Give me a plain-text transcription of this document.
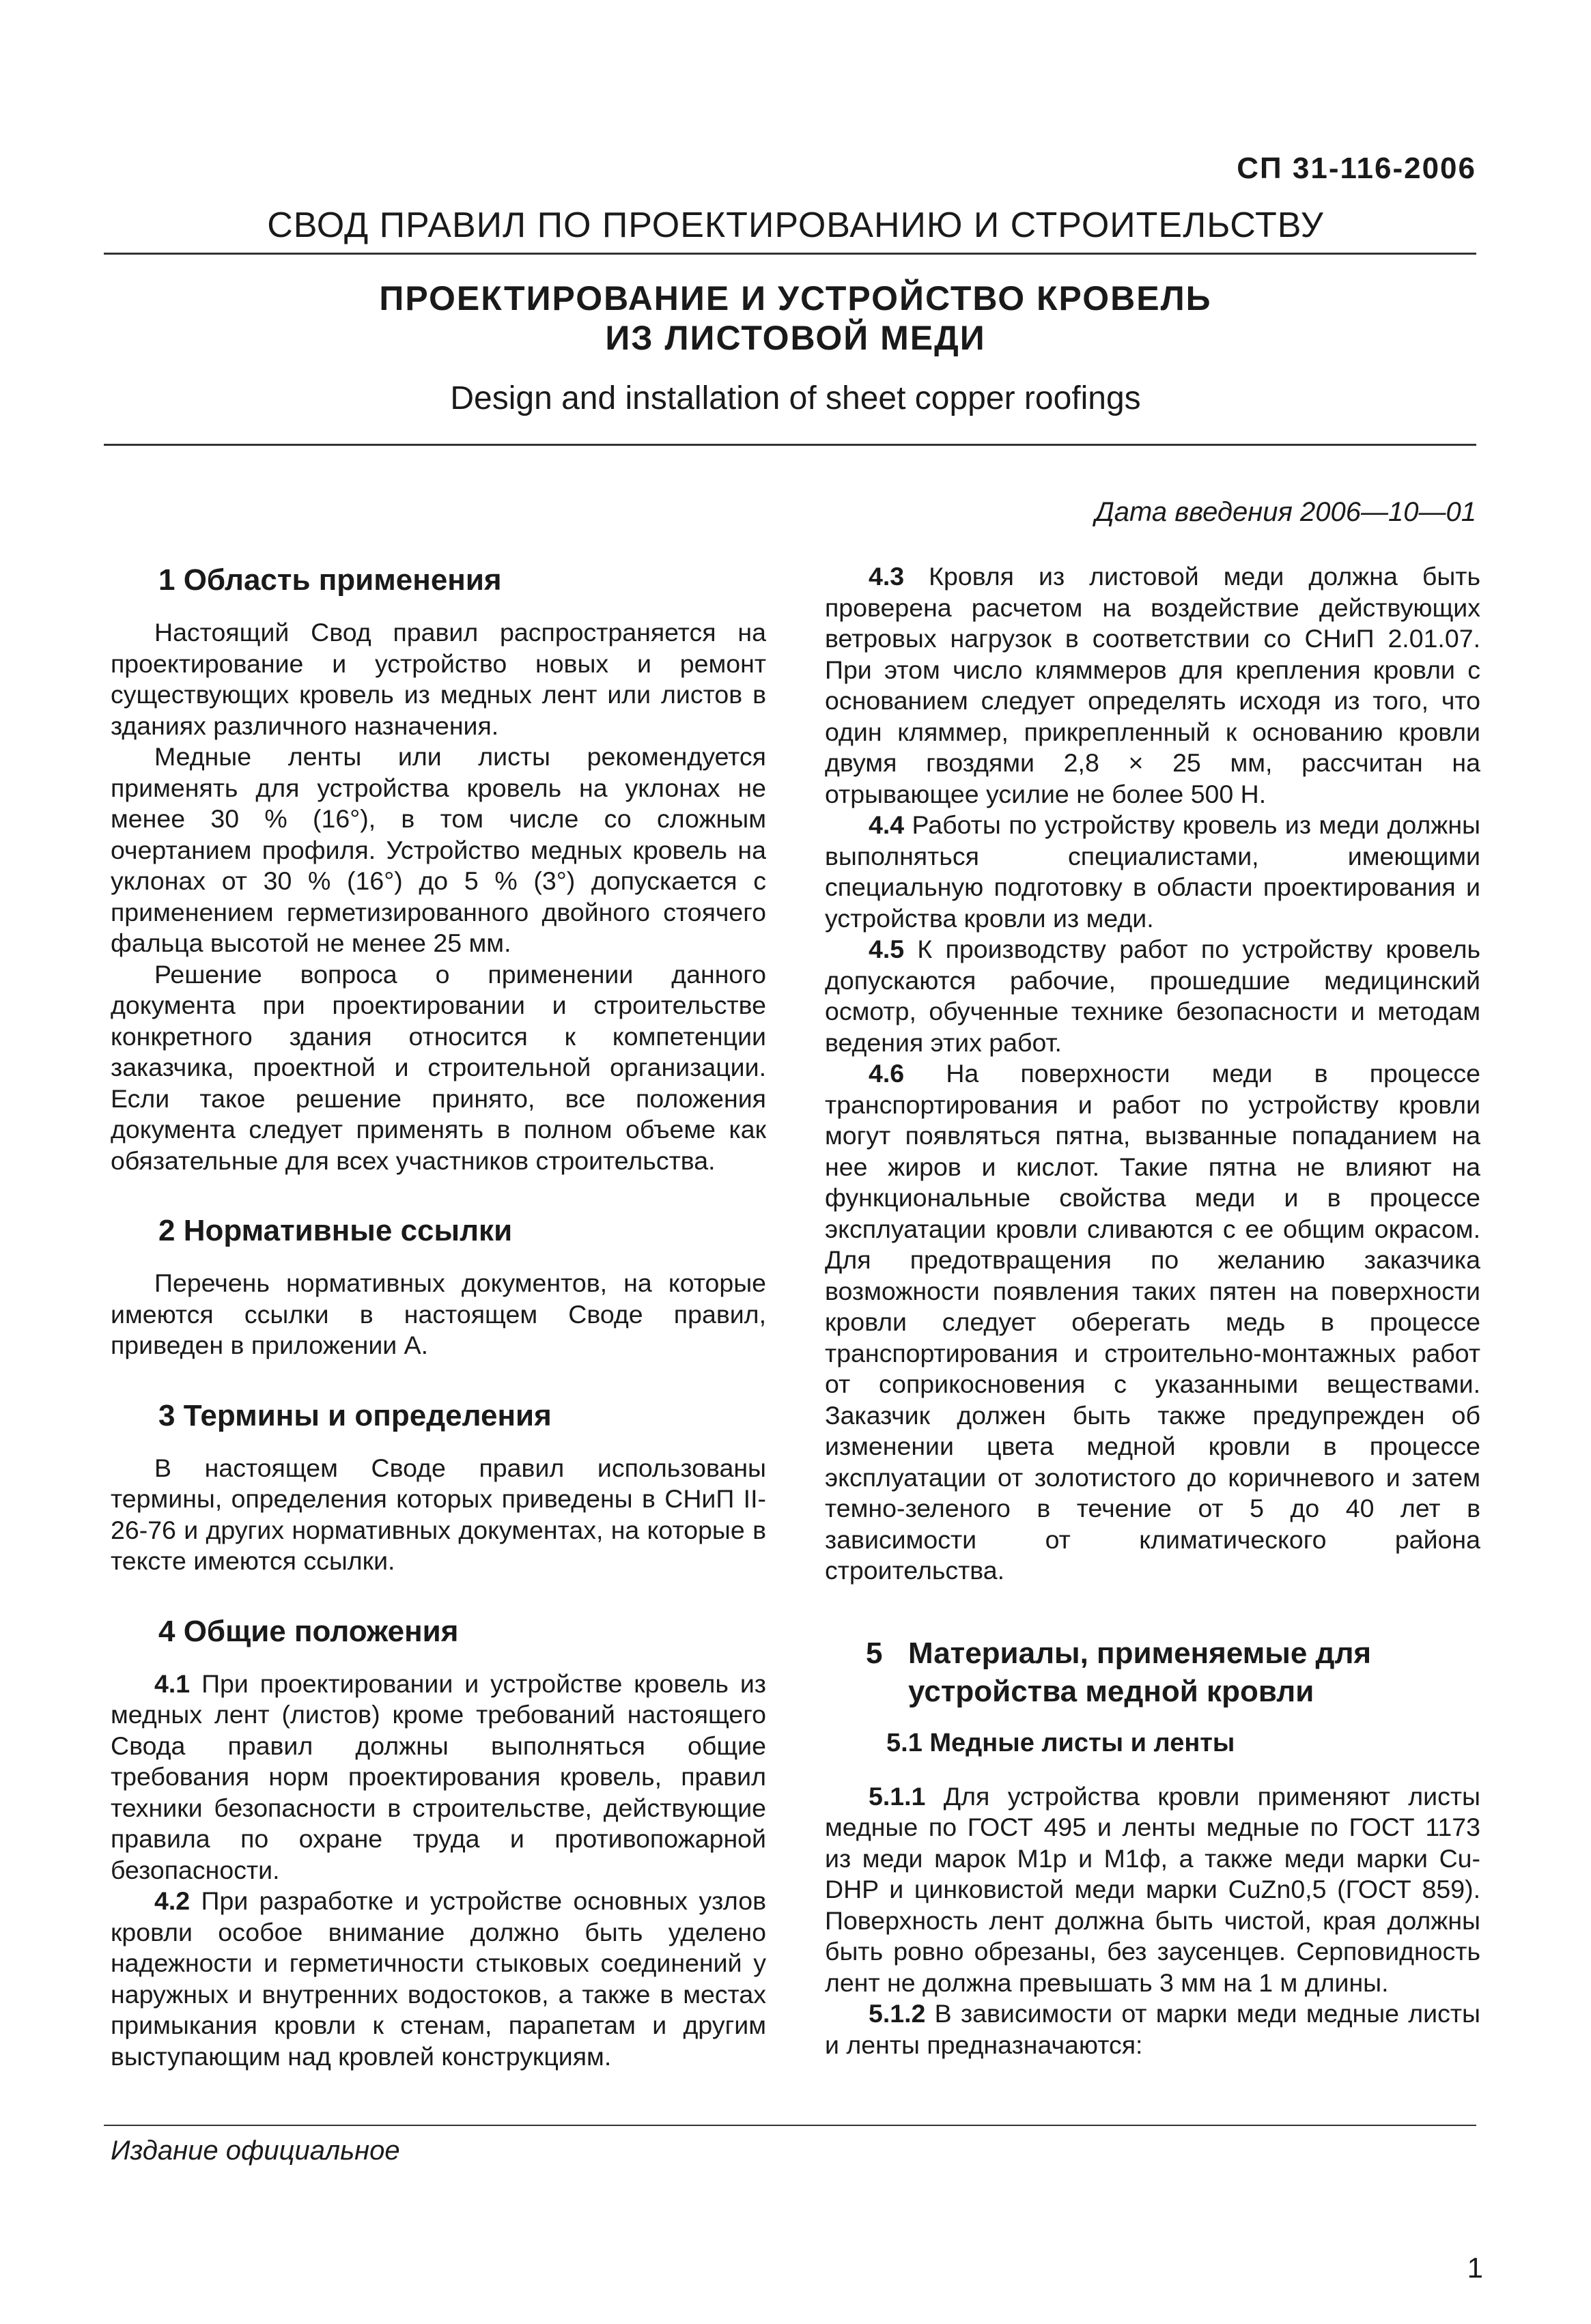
СП 31-116-2006
СВОД ПРАВИЛ ПО ПРОЕКТИРОВАНИЮ И СТРОИТЕЛЬСТВУ
ПРОЕКТИРОВАНИЕ И УСТРОЙСТВО КРОВЕЛЬ
ИЗ ЛИСТОВОЙ МЕДИ
Design and installation of sheet copper roofings
Дата введения 2006—10—01
1 Область применения

Настоящий Свод правил распространяется на проектирование и устройство новых и ремонт существующих кровель из медных лент или листов в зданиях различного назначения.

Медные ленты или листы рекомендуется применять для устройства кровель на уклонах не менее 30 % (16°), в том числе со сложным очертанием профиля. Устройство медных кровель на уклонах от 30 % (16°) до 5 % (3°) допускается с применением герметизированного двойного стоячего фальца высотой не менее 25 мм.

Решение вопроса о применении данного документа при проектировании и строительстве конкретного здания относится к компетенции заказчика, проектной и строительной организации. Если такое решение принято, все положения документа следует применять в полном объеме как обязательные для всех участников строительства.

2 Нормативные ссылки

Перечень нормативных документов, на которые имеются ссылки в настоящем Своде правил, приведен в приложении А.

3 Термины и определения

В настоящем Своде правил использованы термины, определения которых приведены в СНиП II-26-76 и других нормативных документах, на которые в тексте имеются ссылки.

4 Общие положения

4.1 При проектировании и устройстве кровель из медных лент (листов) кроме требований настоящего Свода правил должны выполняться общие требования норм проектирования кровель, правил техники безопасности в строительстве, действующие правила по охране труда и противопожарной безопасности.

4.2 При разработке и устройстве основных узлов кровли особое внимание должно быть уделено надежности и герметичности стыковых соединений у наружных и внутренних водостоков, а также в местах примыкания кровли к стенам, парапетам и другим выступающим над кровлей конструкциям.

4.3 Кровля из листовой меди должна быть проверена расчетом на воздействие действующих ветровых нагрузок в соответствии со СНиП 2.01.07. При этом число кляммеров для крепления кровли с основанием следует определять исходя из того, что один кляммер, прикрепленный к основанию кровли двумя гвоздями 2,8 × 25 мм, рассчитан на отрывающее усилие не более 500 Н.

4.4 Работы по устройству кровель из меди должны выполняться специалистами, имеющими специальную подготовку в области проектирования и устройства кровли из меди.

4.5 К производству работ по устройству кровель допускаются рабочие, прошедшие медицинский осмотр, обученные технике безопасности и методам ведения этих работ.

4.6 На поверхности меди в процессе транспортирования и работ по устройству кровли могут появляться пятна, вызванные попаданием на нее жиров и кислот. Такие пятна не влияют на функциональные свойства меди и в процессе эксплуатации кровли сливаются с ее общим окрасом. Для предотвращения по желанию заказчика возможности появления таких пятен на поверхности кровли следует оберегать медь в процессе транспортирования и строительно-монтажных работ от соприкосновения с указанными веществами. Заказчик должен быть также предупрежден об изменении цвета медной кровли в процессе эксплуатации от золотистого до коричневого и затем темно-зеленого в течение от 5 до 40 лет в зависимости от климатического района строительства.

5 Материалы, применяемые для устройства медной кровли
5.1 Медные листы и ленты

5.1.1 Для устройства кровли применяют листы медные по ГОСТ 495 и ленты медные по ГОСТ 1173 из меди марок М1р и М1ф, а также меди марки Cu-DHP и цинковистой меди марки CuZn0,5 (ГОСТ 859). Поверхность лент должна быть чистой, края должны быть ровно обрезаны, без заусенцев. Серповидность лент не должна превышать 3 мм на 1 м длины.

5.1.2 В зависимости от марки меди медные листы и ленты предназначаются:

Издание официальное
1
